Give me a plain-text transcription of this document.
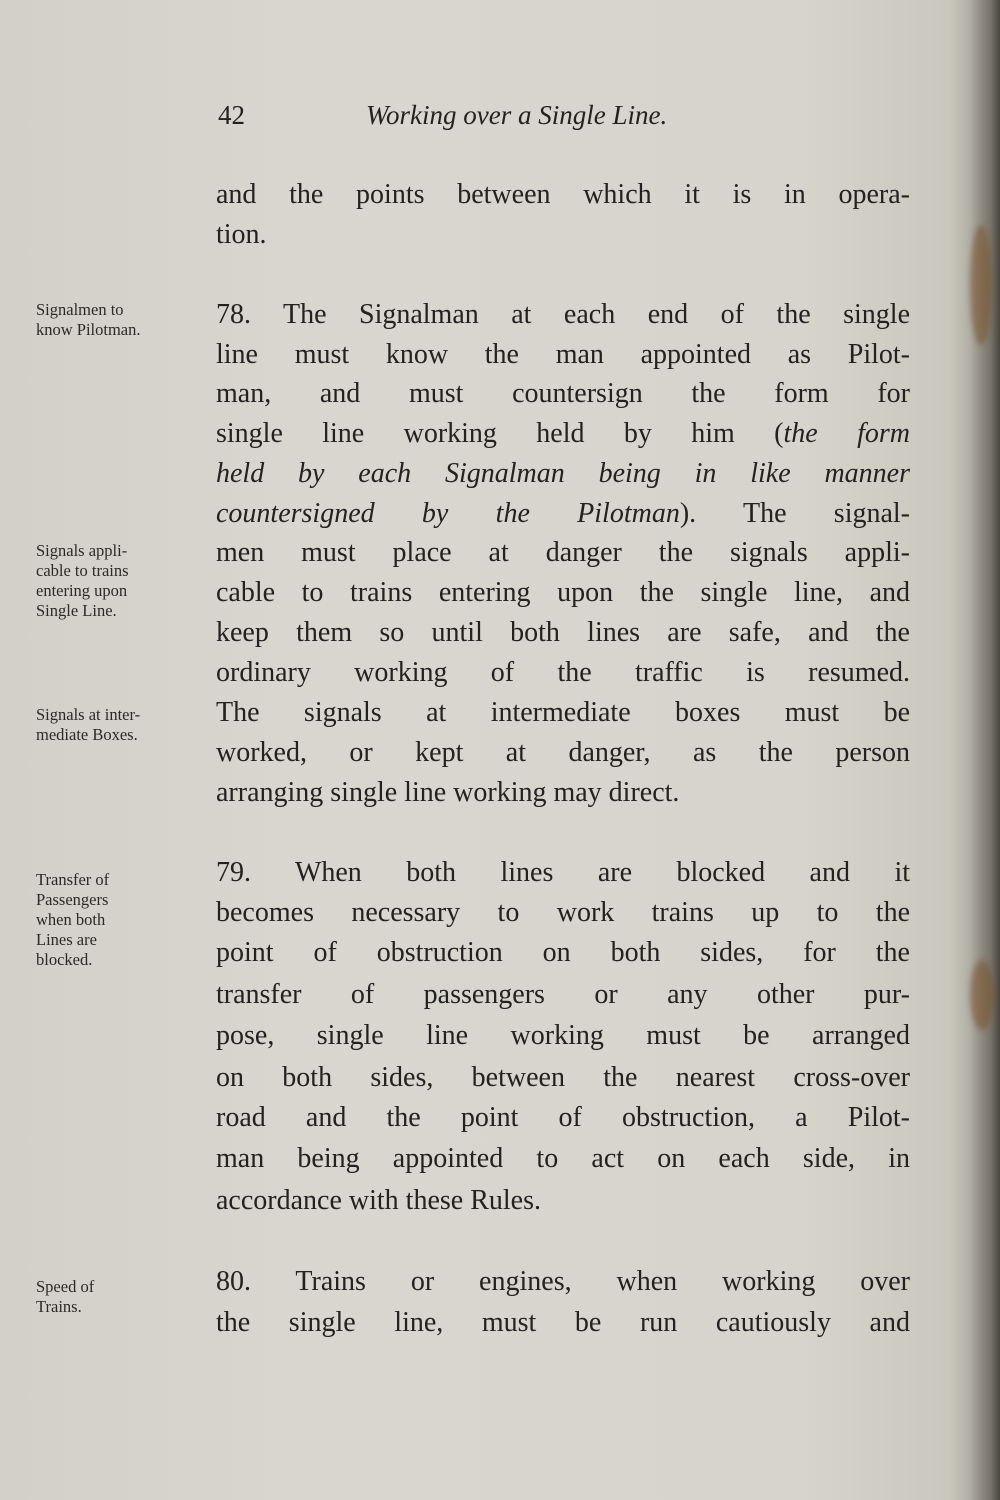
42	Working over a Single Line.
Signalmen to
know Pilotman.
Signals appli-
cable to trains
entering upon
Single Line.
Signals at inter-
mediate Boxes.
Transfer of
Passengers
when both
Lines are
blocked.
Speed of
Trains.
and the points between which it is in opera-
tion.
78. The Signalman at each end of the single
line must know the man appointed as Pilot-
man, and must countersign the form for
single line working held by him (the form
held by each Signalman being in like manner
countersigned by the Pilotman). The signal-
men must place at danger the signals appli-
cable to trains entering upon the single line, and
keep them so until both lines are safe, and the
ordinary working of the traffic is resumed.
The signals at intermediate boxes must be
worked, or kept at danger, as the person
arranging single line working may direct.
79. When both lines are blocked and it
becomes necessary to work trains up to the
point of obstruction on both sides, for the
transfer of passengers or any other pur-
pose, single line working must be arranged
on both sides, between the nearest cross-over
road and the point of obstruction, a Pilot-
man being appointed to act on each side, in
accordance with these Rules.
80. Trains or engines, when working over
the single line, must be run cautiously and
